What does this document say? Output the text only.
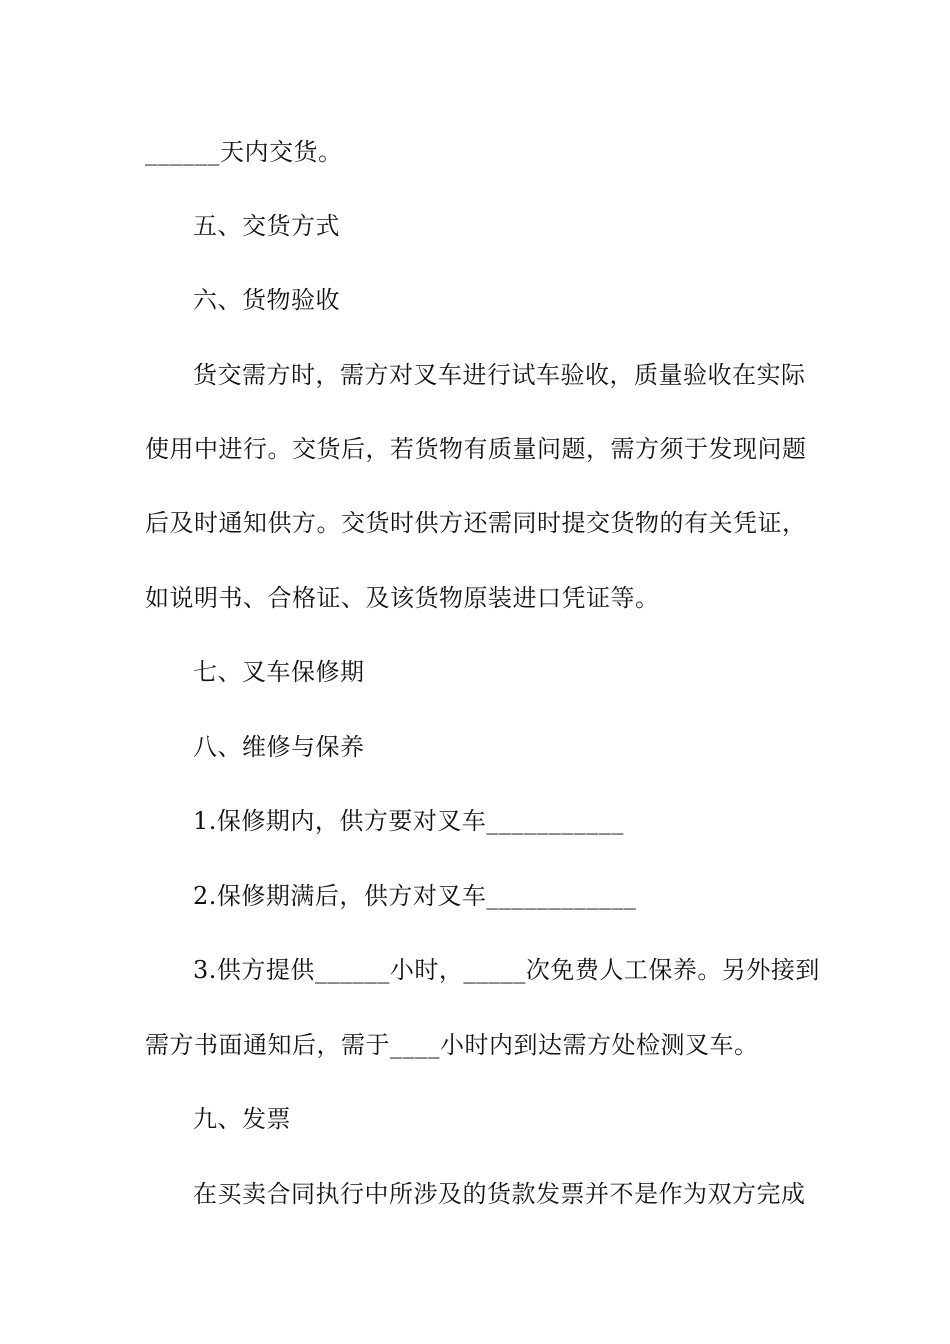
______天内交货。
五、交货方式
六、货物验收
货交需方时，需方对叉车进行试车验收，质量验收在实际
使用中进行。交货后，若货物有质量问题，需方须于发现问题
后及时通知供方。交货时供方还需同时提交货物的有关凭证，
如说明书、合格证、及该货物原装进口凭证等。
七、叉车保修期
八、维修与保养
1.保修期内，供方要对叉车___________
2.保修期满后，供方对叉车____________
3.供方提供______小时，_____次免费人工保养。另外接到
需方书面通知后，需于____小时内到达需方处检测叉车。
九、发票
在买卖合同执行中所涉及的货款发票并不是作为双方完成
